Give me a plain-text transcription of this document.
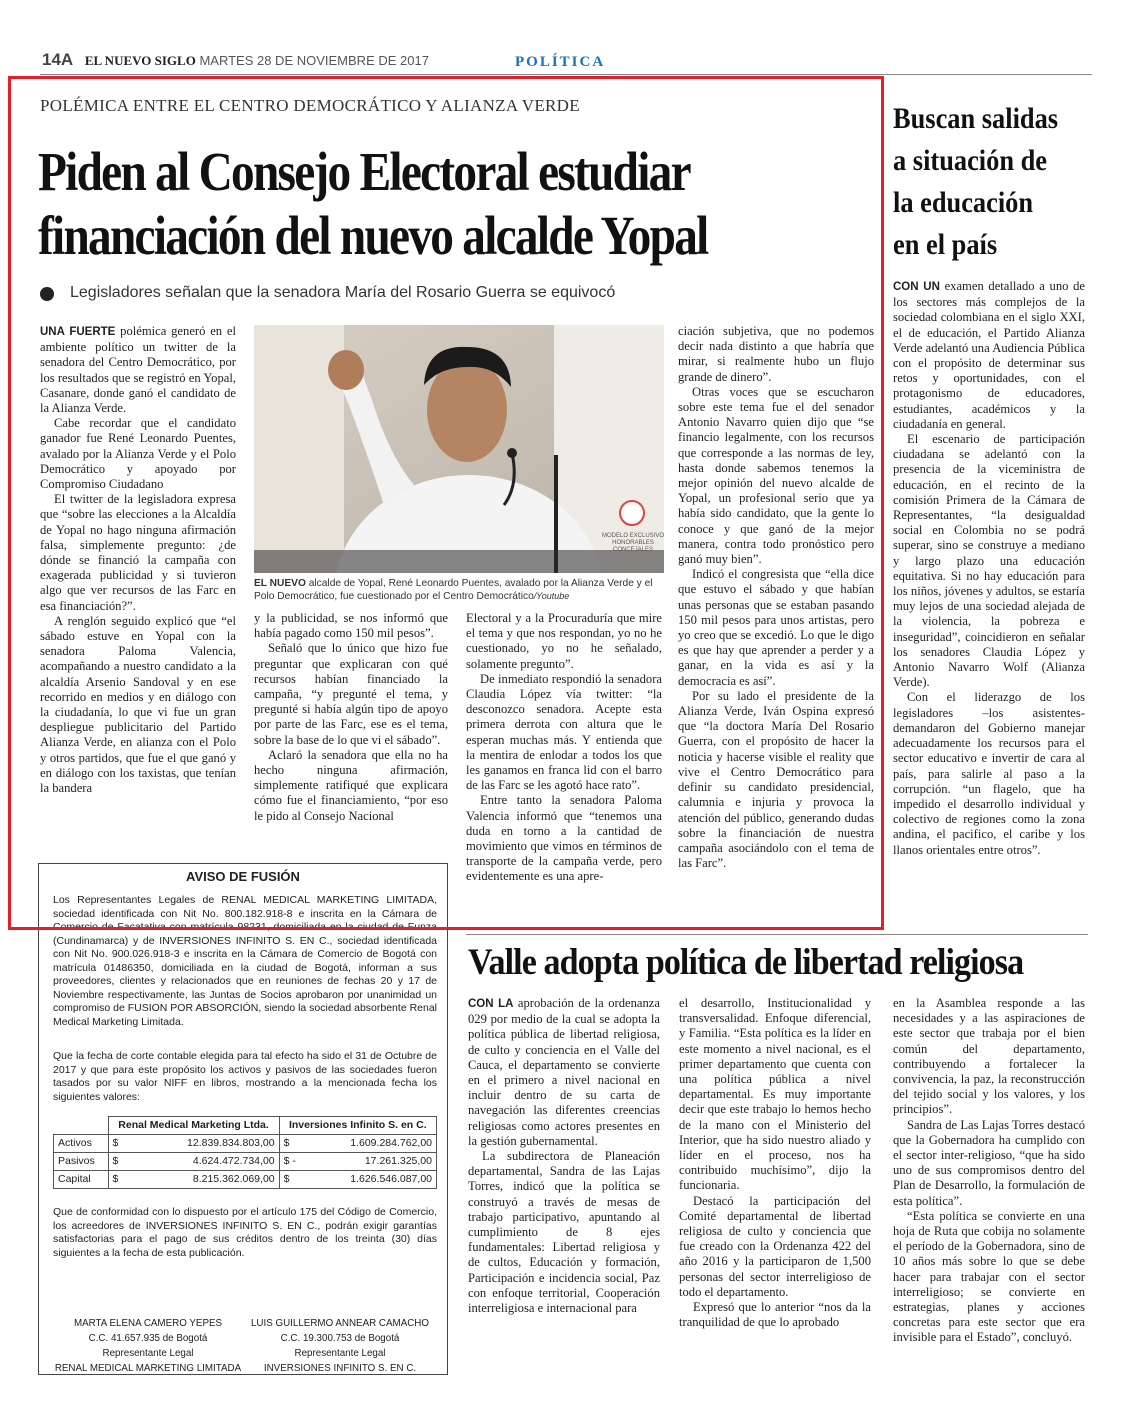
14A EL NUEVO SIGLO MARTES 28 DE NOVIEMBRE DE 2017	POLÍTICA
POLÉMICA ENTRE EL CENTRO DEMOCRÁTICO Y ALIANZA VERDE
Piden al Consejo Electoral estudiar
financiación del nuevo alcalde Yopal
Legisladores señalan que la senadora María del Rosario Guerra se equivocó

UNA FUERTE polémica generó en el ambiente político un twitter de la senadora del Centro Democrático, por los resultados que se registró en Yopal, Casanare, donde ganó el candidato de la Alianza Verde.

Cabe recordar que el candidato ganador fue René Leonardo Puentes, avalado por la Alianza Verde y el Polo Democrático y apoyado por Compromiso Ciudadano

El twitter de la legisladora expresa que “sobre las elecciones a la Alcaldía de Yopal no hago ninguna afirmación falsa, simplemente pregunto: ¿de dónde se financió la campaña con exagerada publicidad y si tuvieron algo que ver recursos de las Farc en esa financiación?”.

A renglón seguido explicó que “el sábado estuve en Yopal con la senadora Paloma Valencia, acompañando a nuestro candidato a la alcaldía Arsenio Sandoval y en ese recorrido en medios y en diálogo con la ciudadanía, lo que vi fue un gran despliegue publicitario del Partido Alianza Verde, en alianza con el Polo y otros partidos, que fue el que ganó y en diálogo con los taxistas, que tenían la bandera

MODELO EXCLUSIVO
HONORABLES
CONCEJALES
EL NUEVO alcalde de Yopal, René Leonardo Puentes, avalado por la Alianza Verde y el Polo Democrático, fue cuestionado por el Centro Democrático/Youtube

y la publicidad, se nos informó que había pagado como 150 mil pesos”.

Señaló que lo único que hizo fue preguntar que explicaran con qué recursos habían financiado la campaña, “y pregunté el tema, y pregunté si había algún tipo de apoyo por parte de las Farc, ese es el tema, sobre la base de lo que vi el sábado”.

Aclaró la senadora que ella no ha hecho ninguna afirmación, simplemente ratifiqué que explicara cómo fue el financiamiento, “por eso le pido al Consejo Nacional

Electoral y a la Procuraduría que mire el tema y que nos respondan, yo no he cuestionado, yo no he señalado, solamente pregunto”.

De inmediato respondió la senadora Claudia López vía twitter: “la desconozco senadora. Acepte esta primera derrota con altura que le esperan muchas más. Y entienda que la mentira de enlodar a todos los que les ganamos en franca lid con el barro de las Farc se les agotó hace rato”.

Entre tanto la senadora Paloma Valencia informó que “tenemos una duda en torno a la cantidad de movimiento que vimos en términos de transporte de la campaña verde, pero evidentemente es una apre-

ciación subjetiva, que no podemos decir nada distinto a que habría que mirar, si realmente hubo un flujo grande de dinero”.

Otras voces que se escucharon sobre este tema fue el del senador Antonio Navarro quien dijo que “se financio legalmente, con los recursos que corresponde a las normas de ley, hasta donde sabemos tenemos la mejor opinión del nuevo alcalde de Yopal, un profesional serio que ya había sido candidato, que la gente lo conoce y que ganó de la mejor manera, contra todo pronóstico pero ganó muy bien”.

Indicó el congresista que “ella dice que estuvo el sábado y que habían unas personas que se estaban pasando 150 mil pesos para unos artistas, pero yo creo que se excedió. Lo que le digo es que hay que aprender a perder y a ganar, en la vida es así y la democracia es así”.

Por su lado el presidente de la Alianza Verde, Iván Ospina expresó que “la doctora María Del Rosario Guerra, con el propósito de hacer la noticia y hacerse visible el reality que vive el Centro Democrático para definir su candidato presidencial, calumnia e injuria y provoca la atención del público, generando dudas sobre la financiación de nuestra campaña asociándolo con el tema de las Farc”.

Buscan salidas
a situación de
la educación
en el país

CON UN examen detallado a uno de los sectores más complejos de la sociedad colombiana en el siglo XXI, el de educación, el Partido Alianza Verde adelantó una Audiencia Pública con el propósito de determinar sus retos y oportunidades, con el protagonismo de educadores, estudiantes, académicos y la ciudadanía en general.

El escenario de participación ciudadana se adelantó con la presencia de la viceministra de educación, en el recinto de la comisión Primera de la Cámara de Representantes, “la desigualdad social en Colombia no se podrá superar, sino se construye a mediano y largo plazo una educación equitativa. Si no hay educación para los niños, jóvenes y adultos, se estaría muy lejos de una sociedad alejada de la violencia, la pobreza e inseguridad”, coincidieron en señalar los senadores Claudia López y Antonio Navarro Wolf (Alianza Verde).

Con el liderazgo de los legisladores –los asistentes- demandaron del Gobierno manejar adecuadamente los recursos para el sector educativo e invertir de cara al país, para salirle al paso a la corrupción. “un flagelo, que ha impedido el desarrollo individual y colectivo de regiones como la zona andina, el pacifico, el caribe y los llanos orientales entre otros”.

Valle adopta política de libertad religiosa

CON LA aprobación de la ordenanza 029 por medio de la cual se adopta la política pública de libertad religiosa, de culto y conciencia en el Valle del Cauca, el departamento se convierte en el primero a nivel nacional en incluir dentro de su carta de navegación las diferentes creencias religiosas como actores presentes en la gestión gubernamental.

La subdirectora de Planeación departamental, Sandra de las Lajas Torres, indicó que la política se construyó a través de mesas de trabajo participativo, apuntando al cumplimiento de 8 ejes fundamentales: Libertad religiosa y de cultos, Educación y formación, Participación e incidencia social, Paz con enfoque territorial, Cooperación interreligiosa e internacional para

el desarrollo, Institucionalidad y transversalidad. Enfoque diferencial, y Familia. “Esta política es la líder en este momento a nivel nacional, es el primer departamento que cuenta con una política pública a nivel departamental. Es muy importante decir que este trabajo lo hemos hecho de la mano con el Ministerio del Interior, que ha sido nuestro aliado y líder en el proceso, nos ha contribuido muchísimo”, dijo la funcionaria.

Destacó la participación del Comité departamental de libertad religiosa de culto y conciencia que fue creado con la Ordenanza 422 del año 2016 y la participaron de 1,500 personas del sector interreligioso de todo el departamento.

Expresó que lo anterior “nos da la tranquilidad de que lo aprobado

en la Asamblea responde a las necesidades y a las aspiraciones de este sector que trabaja por el bien común del departamento, contribuyendo a fortalecer la convivencia, la paz, la reconstrucción del tejido social y los valores, y los principios”.

Sandra de Las Lajas Torres destacó que la Gobernadora ha cumplido con el sector inter-religioso, “que ha sido uno de sus compromisos dentro del Plan de Desarrollo, la formulación de esta política”.

“Esta política se convierte en una hoja de Ruta que cobija no solamente el período de la Gobernadora, sino de 10 años más sobre lo que se debe hacer para trabajar con el sector interreligioso; se convierte en estrategias, planes y acciones concretas para este sector que era invisible para el Estado”, concluyó.

AVISO DE FUSIÓN
Los Representantes Legales de RENAL MEDICAL MARKETING LIMITADA, sociedad identificada con Nit No. 800.182.918-8 e inscrita en la Cámara de Comercio de Facatativa con matrícula 98231, domiciliada en la ciudad de Funza (Cundinamarca) y de INVERSIONES INFINITO S. EN C., sociedad identificada con Nit No. 900.026.918-3 e inscrita en la Cámara de Comercio de Bogotá con matrícula 01486350, domiciliada en la ciudad de Bogotá, informan a sus proveedores, clientes y relacionados que en reuniones de fechas 20 y 17 de Noviembre respectivamente, las Juntas de Socios aprobaron por unanimidad un compromiso de FUSION POR ABSORCIÓN, siendo la sociedad absorbente Renal Medical Marketing Limitada.
Que la fecha de corte contable elegida para tal efecto ha sido el 31 de Octubre de 2017 y que para este propósito los activos y pasivos de las sociedades fueron tasados por su valor NIFF en libros, mostrando a la mencionada fecha los siguientes valores:
	Renal Medical Marketing Ltda.	Inversiones Infinito S. en C.
Activos	$ 12.839.834.803,00	$ 1.609.284.762,00

Pasivos	$ 4.624.472.734,00	$ - 17.261.325,00

Capital	$ 8.215.362.069,00	$ 1.626.546.087,00
Que de conformidad con lo dispuesto por el artículo 175 del Código de Comercio, los acreedores de INVERSIONES INFINITO S. EN C., podrán exigir garantías satisfactorias para el pago de sus créditos dentro de los treinta (30) días siguientes a la fecha de esta publicación.
MARTA ELENA CAMERO YEPES
C.C. 41.657.935 de Bogotá
Representante Legal
RENAL MEDICAL MARKETING LIMITADA
LUIS GUILLERMO ANNEAR CAMACHO
C.C. 19.300.753 de Bogotá
Representante Legal
INVERSIONES INFINITO S. EN C.
